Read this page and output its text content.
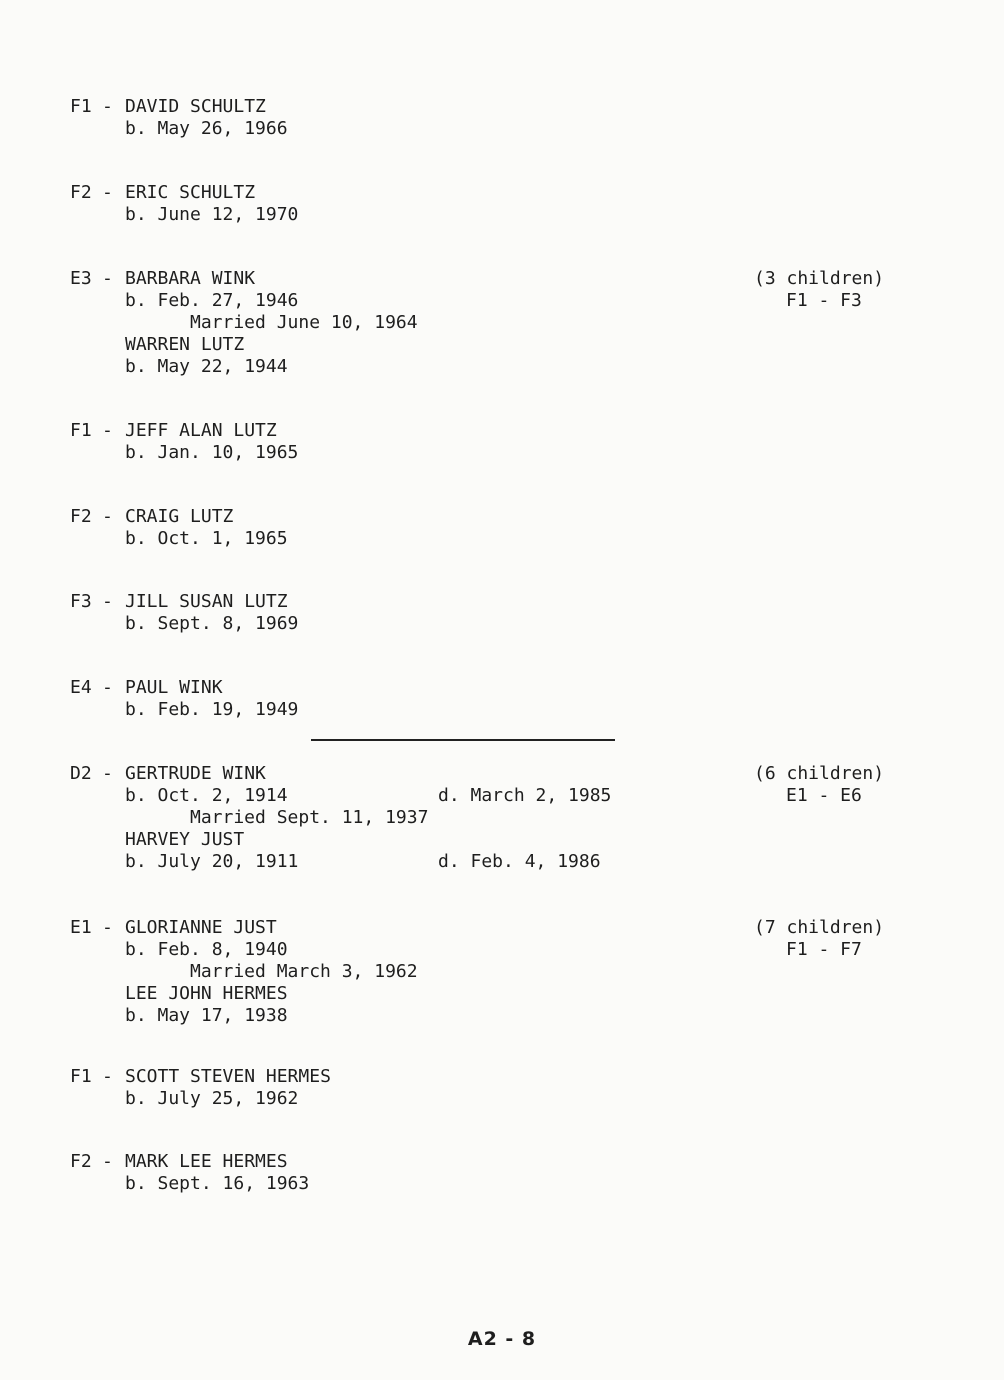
F1 - DAVID SCHULTZ
b. May 26, 1966
F2 - ERIC SCHULTZ
b. June 12, 1970
E3 - BARBARA WINK
b. Feb. 27, 1946
Married June 10, 1964
WARREN LUTZ
b. May 22, 1944
(3 children)
F1 - F3
F1 - JEFF ALAN LUTZ
b. Jan. 10, 1965
F2 - CRAIG LUTZ
b. Oct. 1, 1965
F3 - JILL SUSAN LUTZ
b. Sept. 8, 1969
E4 - PAUL WINK
b. Feb. 19, 1949
D2 - GERTRUDE WINK
b. Oct. 2, 1914	d. March 2, 1985
Married Sept. 11, 1937
HARVEY JUST
b. July 20, 1911	d. Feb. 4, 1986
(6 children)
E1 - E6
E1 - GLORIANNE JUST
b. Feb. 8, 1940
Married March 3, 1962
LEE JOHN HERMES
b. May 17, 1938
(7 children)
F1 - F7
F1 - SCOTT STEVEN HERMES
b. July 25, 1962
F2 - MARK LEE HERMES
b. Sept. 16, 1963
A2 - 8
